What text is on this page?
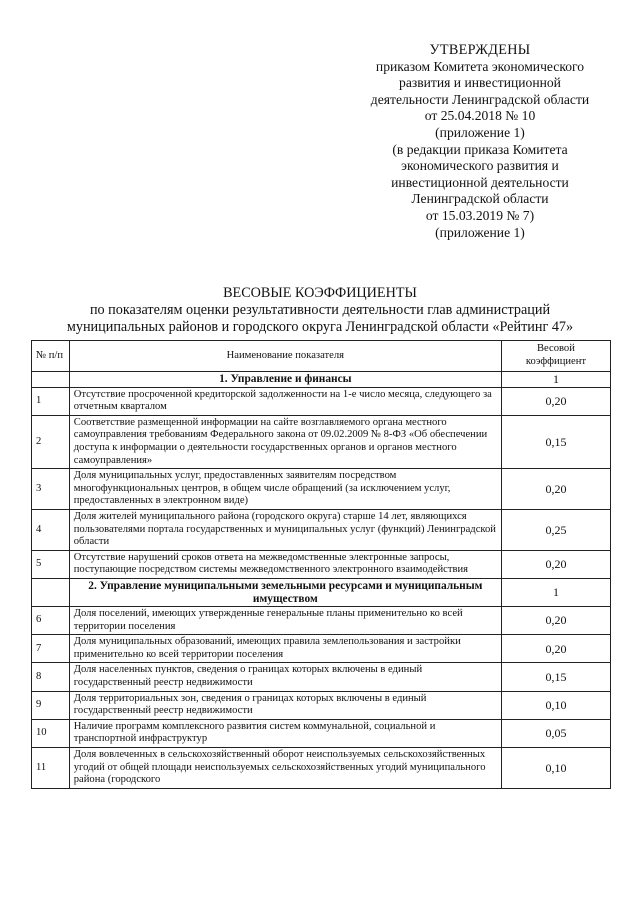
УТВЕРЖДЕНЫ
приказом Комитета экономического
развития и инвестиционной
деятельности Ленинградской области
от 25.04.2018 № 10
(приложение 1)
(в редакции приказа Комитета
экономического развития и
инвестиционной деятельности
Ленинградской области
от 15.03.2019 № 7)
(приложение 1)
ВЕСОВЫЕ КОЭФФИЦИЕНТЫ
по показателям оценки результативности деятельности глав администраций
муниципальных районов и городского округа Ленинградской области «Рейтинг 47»
№ п/п	Наименование показателя	Весовой коэффициент
	1. Управление и финансы	1
1	Отсутствие просроченной кредиторской задолженности на 1-е число месяца, следующего за отчетным кварталом	0,20
2	Соответствие размещенной информации на сайте возглавляемого органа местного самоуправления требованиям Федерального закона от 09.02.2009 № 8-ФЗ «Об обеспечении доступа к информации о деятельности государственных органов и органов местного самоуправления»	0,15
3	Доля муниципальных услуг, предоставленных заявителям посредством многофункциональных центров, в общем числе обращений (за исключением услуг, предоставленных в электронном виде)	0,20
4	Доля жителей муниципального района (городского округа) старше 14 лет, являющихся пользователями портала государственных и муниципальных услуг (функций) Ленинградской области	0,25
5	Отсутствие нарушений сроков ответа на межведомственные электронные запросы, поступающие посредством системы межведомственного электронного взаимодействия	0,20
	2. Управление муниципальными земельными ресурсами и муниципальным имуществом	1
6	Доля поселений, имеющих утвержденные генеральные планы применительно ко всей территории поселения	0,20
7	Доля муниципальных образований, имеющих правила землепользования и застройки применительно ко всей территории поселения	0,20
8	Доля населенных пунктов, сведения о границах которых включены в единый государственный реестр недвижимости	0,15
9	Доля территориальных зон, сведения о границах которых включены в единый государственный реестр недвижимости	0,10
10	Наличие программ комплексного развития систем коммунальной, социальной и транспортной инфраструктур	0,05
11	Доля вовлеченных в сельскохозяйственный оборот неиспользуемых сельскохозяйственных угодий от общей площади неиспользуемых сельскохозяйственных угодий муниципального района (городского	0,10
